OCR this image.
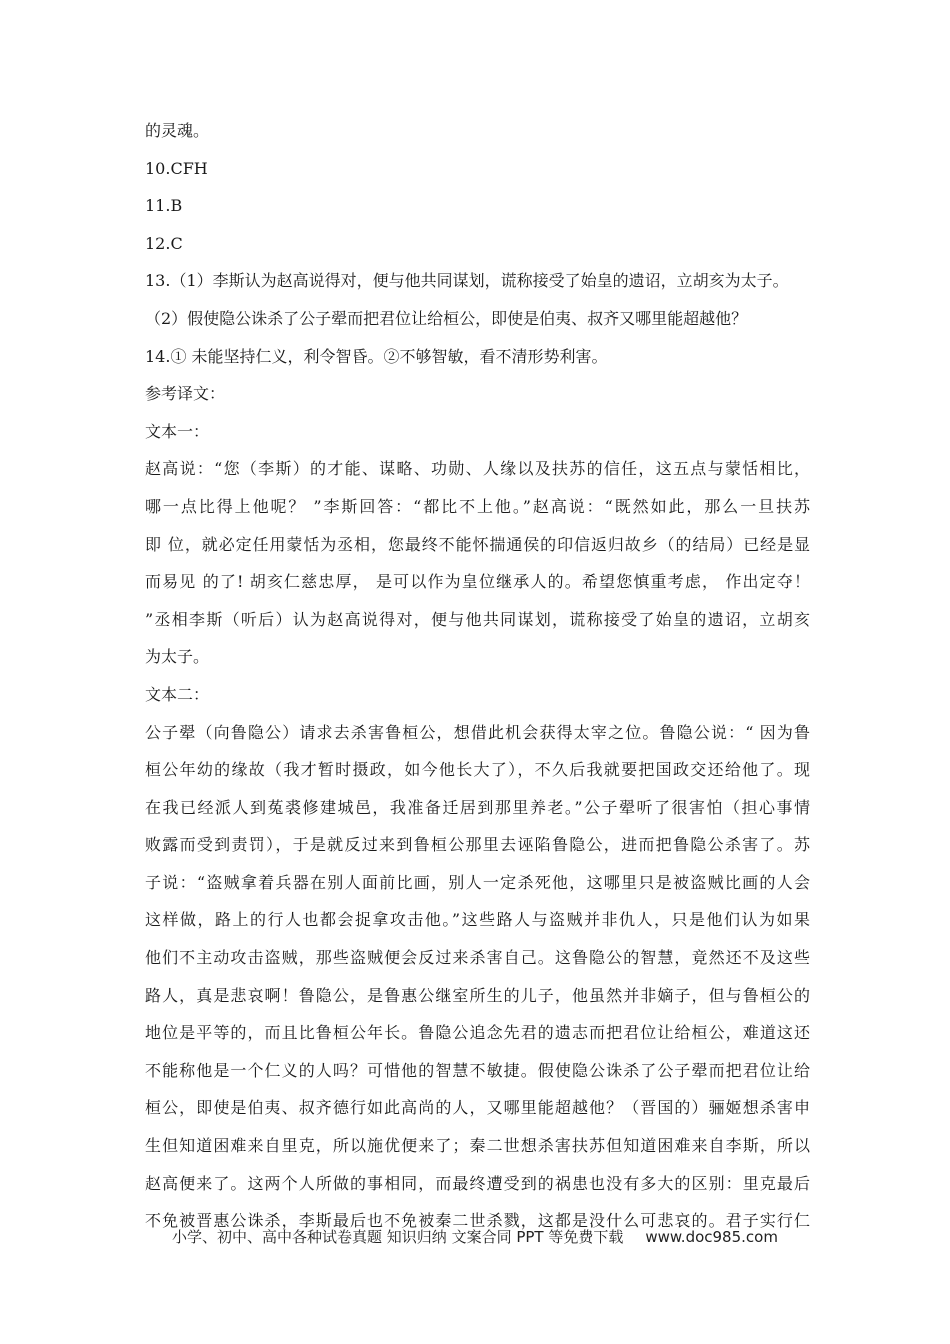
的灵魂。
10.CFH
11.B
12.C
13.（1）李斯认为赵高说得对，便与他共同谋划，谎称接受了始皇的遗诏，立胡亥为太子。
（2）假使隐公诛杀了公子翚而把君位让给桓公，即使是伯夷、叔齐又哪里能超越他？
14.① 未能坚持仁义，利令智昏。②不够智敏，看不清形势利害。
参考译文：
文本一：
赵高说：“您（李斯）的才能、谋略、功勋、人缘以及扶苏的信任，这五点与蒙恬相比，
哪一点比得上他呢？ ”李斯回答：“都比不上他。”赵高说：“既然如此，那么一旦扶苏
即 位，就必定任用蒙恬为丞相，您最终不能怀揣通侯的印信返归故乡（的结局）已经是显
而易见 的了! 胡亥仁慈忠厚， 是可以作为皇位继承人的。希望您慎重考虑， 作出定夺！
”丞相李斯（听后）认为赵高说得对，便与他共同谋划，谎称接受了始皇的遗诏，立胡亥
为太子。
文本二：
公子翚（向鲁隐公）请求去杀害鲁桓公，想借此机会获得太宰之位。鲁隐公说：“ 因为鲁
桓公年幼的缘故（我才暂时摄政，如今他长大了），不久后我就要把国政交还给他了。现
在我已经派人到菟裘修建城邑，我准备迁居到那里养老。”公子翚听了很害怕（担心事情
败露而受到责罚），于是就反过来到鲁桓公那里去诬陷鲁隐公，进而把鲁隐公杀害了。苏
子说：“盗贼拿着兵器在别人面前比画，别人一定杀死他，这哪里只是被盗贼比画的人会
这样做，路上的行人也都会捉拿攻击他。”这些路人与盗贼并非仇人，只是他们认为如果
他们不主动攻击盗贼，那些盗贼便会反过来杀害自己。这鲁隐公的智慧，竟然还不及这些
路人，真是悲哀啊！鲁隐公，是鲁惠公继室所生的儿子，他虽然并非嫡子，但与鲁桓公的
地位是平等的，而且比鲁桓公年长。鲁隐公追念先君的遗志而把君位让给桓公，难道这还
不能称他是一个仁义的人吗？可惜他的智慧不敏捷。假使隐公诛杀了公子翚而把君位让给
桓公，即使是伯夷、叔齐德行如此高尚的人，又哪里能超越他？（晋国的）骊姬想杀害申
生但知道困难来自里克，所以施优便来了；秦二世想杀害扶苏但知道困难来自李斯，所以
赵高便来了。这两个人所做的事相同，而最终遭受到的祸患也没有多大的区别：里克最后
不免被晋惠公诛杀，李斯最后也不免被秦二世杀戮，这都是没什么可悲哀的。君子实行仁
小学、初中、高中各种试卷真题 知识归纳 文案合同 PPT 等免费下载 www.doc985.com
